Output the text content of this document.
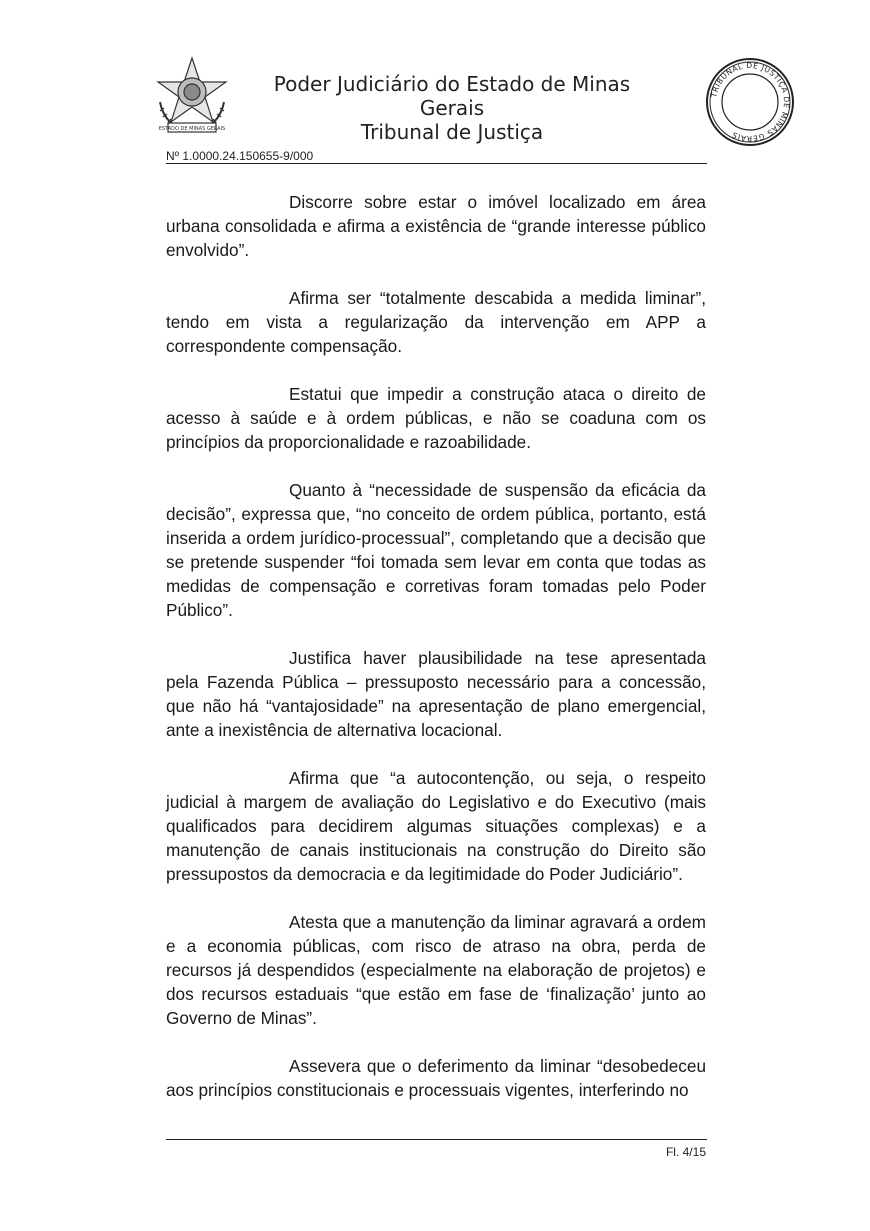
ESTADO DE MINAS GERAIS
Poder Judiciário do Estado de Minas Gerais
Tribunal de Justiça
TRIBUNAL DE JUSTIÇA DE MINAS GERAIS
Nº 1.0000.24.150655-9/000

Discorre sobre estar o imóvel localizado em área urbana consolidada e afirma a existência de “grande interesse público envolvido”.

Afirma ser “totalmente descabida a medida liminar”, tendo em vista a regularização da intervenção em APP a correspondente compensação.

Estatui que impedir a construção ataca o direito de acesso à saúde e à ordem públicas, e não se coaduna com os princípios da proporcionalidade e razoabilidade.

Quanto à “necessidade de suspensão da eficácia da decisão”, expressa que, “no conceito de ordem pública, portanto, está inserida a ordem jurídico-processual”, completando que a decisão que se pretende suspender “foi tomada sem levar em conta que todas as medidas de compensação e corretivas foram tomadas pelo Poder Público”.

Justifica haver plausibilidade na tese apresentada pela Fazenda Pública – pressuposto necessário para a concessão, que não há “vantajosidade” na apresentação de plano emergencial, ante a inexistência de alternativa locacional.

Afirma que “a autocontenção, ou seja, o respeito judicial à margem de avaliação do Legislativo e do Executivo (mais qualificados para decidirem algumas situações complexas) e a manutenção de canais institucionais na construção do Direito são pressupostos da democracia e da legitimidade do Poder Judiciário”.

Atesta que a manutenção da liminar agravará a ordem e a economia públicas, com risco de atraso na obra, perda de recursos já despendidos (especialmente na elaboração de projetos) e dos recursos estaduais “que estão em fase de ‘finalização’ junto ao Governo de Minas”.

Assevera que o deferimento da liminar “desobedeceu aos princípios constitucionais e processuais vigentes, interferindo no

Fl. 4/15
